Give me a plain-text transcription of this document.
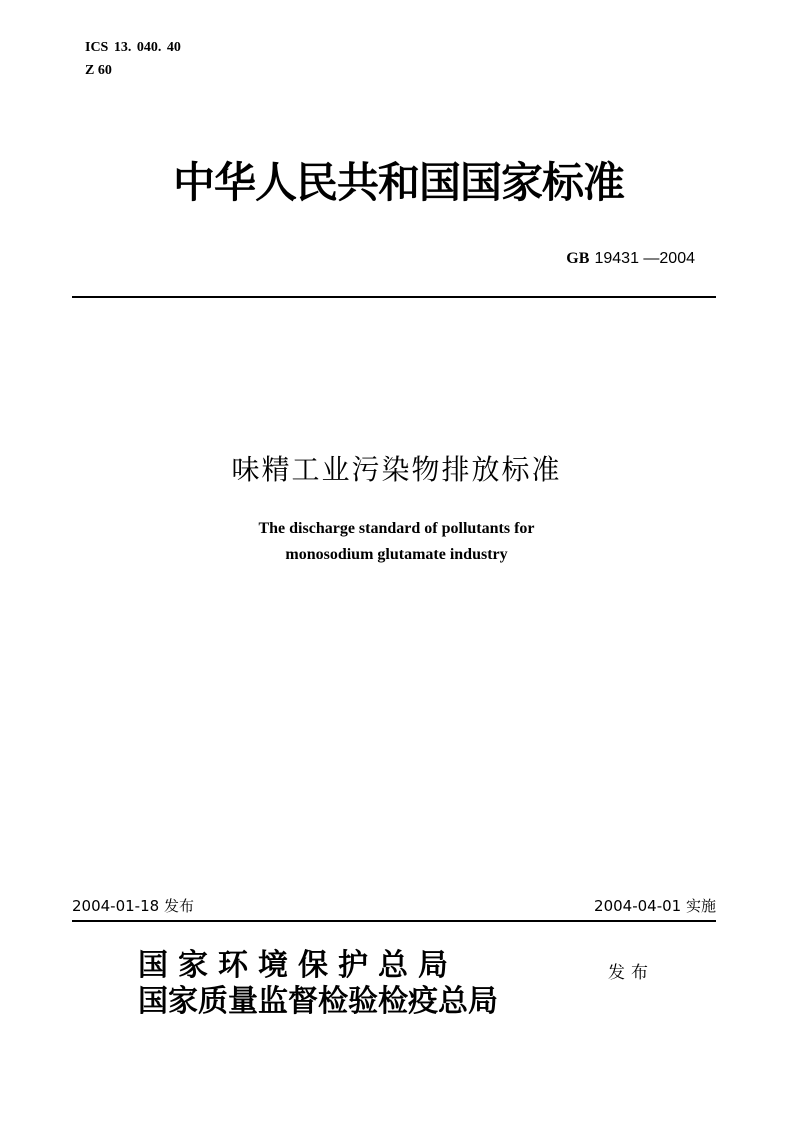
ICS 13. 040. 40
Z 60
中华人民共和国国家标准
GB 19431 —2004
味精工业污染物排放标准
The discharge standard of pollutants for
monosodium glutamate industry
2004-01-18 发布	2004-04-01 实施
国家环境保护总局
国家质量监督检验检疫总局
发布
